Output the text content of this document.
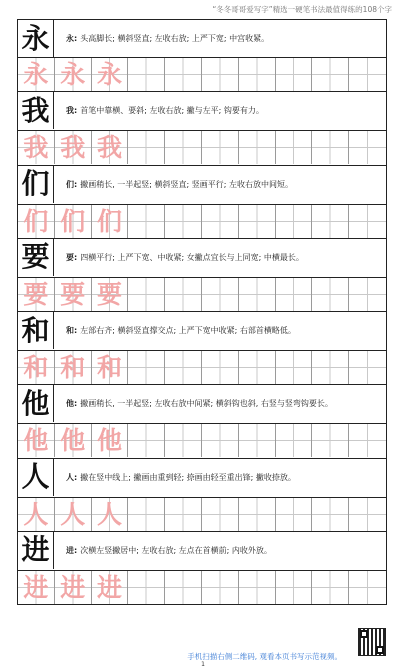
“冬冬哥哥爱写字”精选一硬笔书法最值得练的108个字
永 永: 头高脚长; 横斜竖直; 左收右放; 上严下宽; 中宫收紧。
永 永 永
我 我: 首笔中靠横、要斜; 左收右放; 撇与左平; 钩要有力。
我 我 我
们 们: 撇画稍长, 一半起竖; 横斜竖直; 竖画平行; 左收右放中间短。
们 们 们
要 要: 四横平行; 上严下宽、中收紧; 女撇点宜长与上同宽; 中横最长。
要 要 要
和 和: 左部右齐; 横斜竖直撑交点; 上严下宽中收紧; 右部首横略低。
和 和 和
他 他: 撇画稍长, 一半起竖; 左收右放中间紧; 横斜钩也斜, 右竖与竖弯钩要长。
他 他 他
人 人: 撇在竖中线上; 撇画由重到轻; 捺画由轻至重出锋; 撇收捺放。
人 人 人
进 进: 次横左竖撇居中; 左收右放; 左点在首横前; 内收外放。
进 进 进
手机扫描右侧二维码, 观看本页书写示范视频。
1
